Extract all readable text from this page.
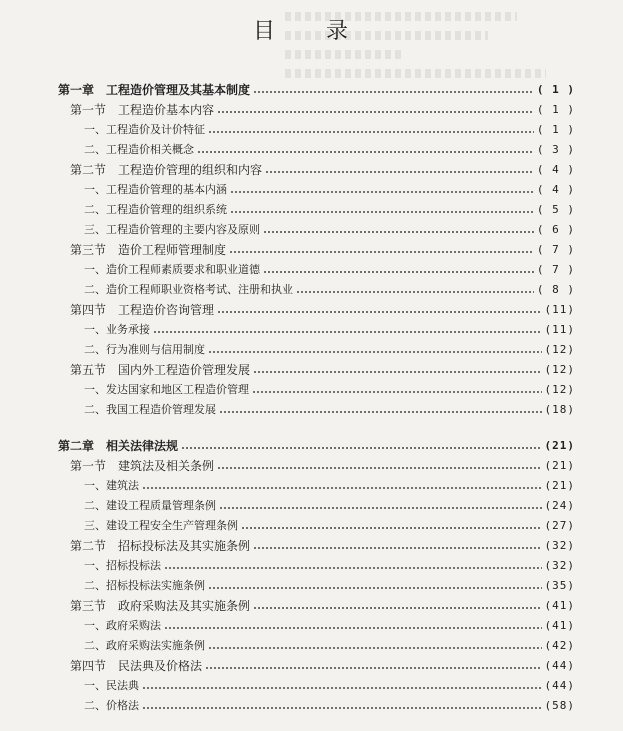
目 录
第一章　工程造价管理及其基本制度	( 1 )
第一节　工程造价基本内容	( 1 )
一、工程造价及计价特征	( 1 )
二、工程造价相关概念	( 3 )
第二节　工程造价管理的组织和内容	( 4 )
一、工程造价管理的基本内涵	( 4 )
二、工程造价管理的组织系统	( 5 )
三、工程造价管理的主要内容及原则	( 6 )
第三节　造价工程师管理制度	( 7 )
一、造价工程师素质要求和职业道德	( 7 )
二、造价工程师职业资格考试、注册和执业	( 8 )
第四节　工程造价咨询管理	(11)
一、业务承接	(11)
二、行为准则与信用制度	(12)
第五节　国内外工程造价管理发展	(12)
一、发达国家和地区工程造价管理	(12)
二、我国工程造价管理发展	(18)
第二章　相关法律法规	(21)
第一节　建筑法及相关条例	(21)
一、建筑法	(21)
二、建设工程质量管理条例	(24)
三、建设工程安全生产管理条例	(27)
第二节　招标投标法及其实施条例	(32)
一、招标投标法	(32)
二、招标投标法实施条例	(35)
第三节　政府采购法及其实施条例	(41)
一、政府采购法	(41)
二、政府采购法实施条例	(42)
第四节　民法典及价格法	(44)
一、民法典	(44)
二、价格法	(58)
